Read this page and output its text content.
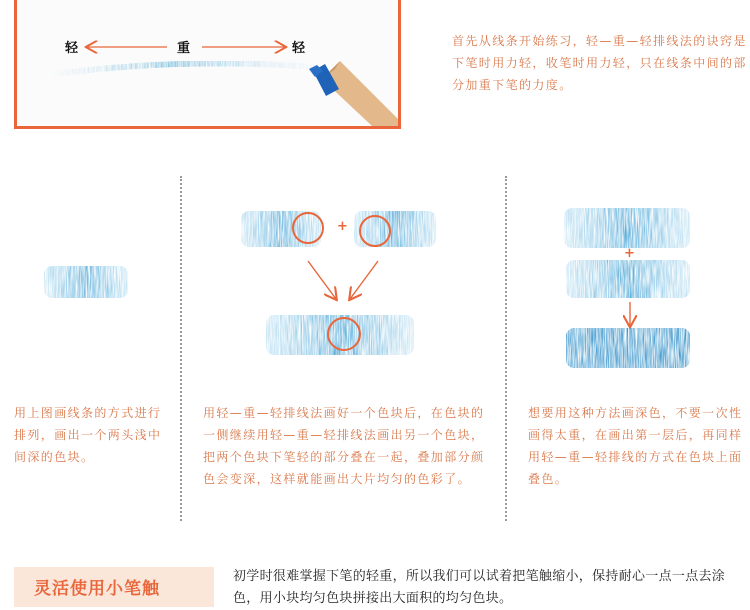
轻	重	轻	首先从线条开始练习，轻—重—轻排线法的诀窍是下笔时用力轻，收笔时用力轻，只在线条中间的部分加重下笔的力度。
用上图画线条的方式进行排列，画出一个两头浅中间深的色块。
+
用轻—重—轻排线法画好一个色块后，在色块的一侧继续用轻—重—轻排线法画出另一个色块，把两个色块下笔轻的部分叠在一起，叠加部分颜色会变深，这样就能画出大片均匀的色彩了。
+
想要用这种方法画深色，不要一次性画得太重，在画出第一层后，再同样用轻—重—轻排线的方式在色块上面叠色。
灵活使用小笔触
初学时很难掌握下笔的轻重，所以我们可以试着把笔触缩小，保持耐心一点一点去涂色，用小块均匀色块拼接出大面积的均匀色块。
